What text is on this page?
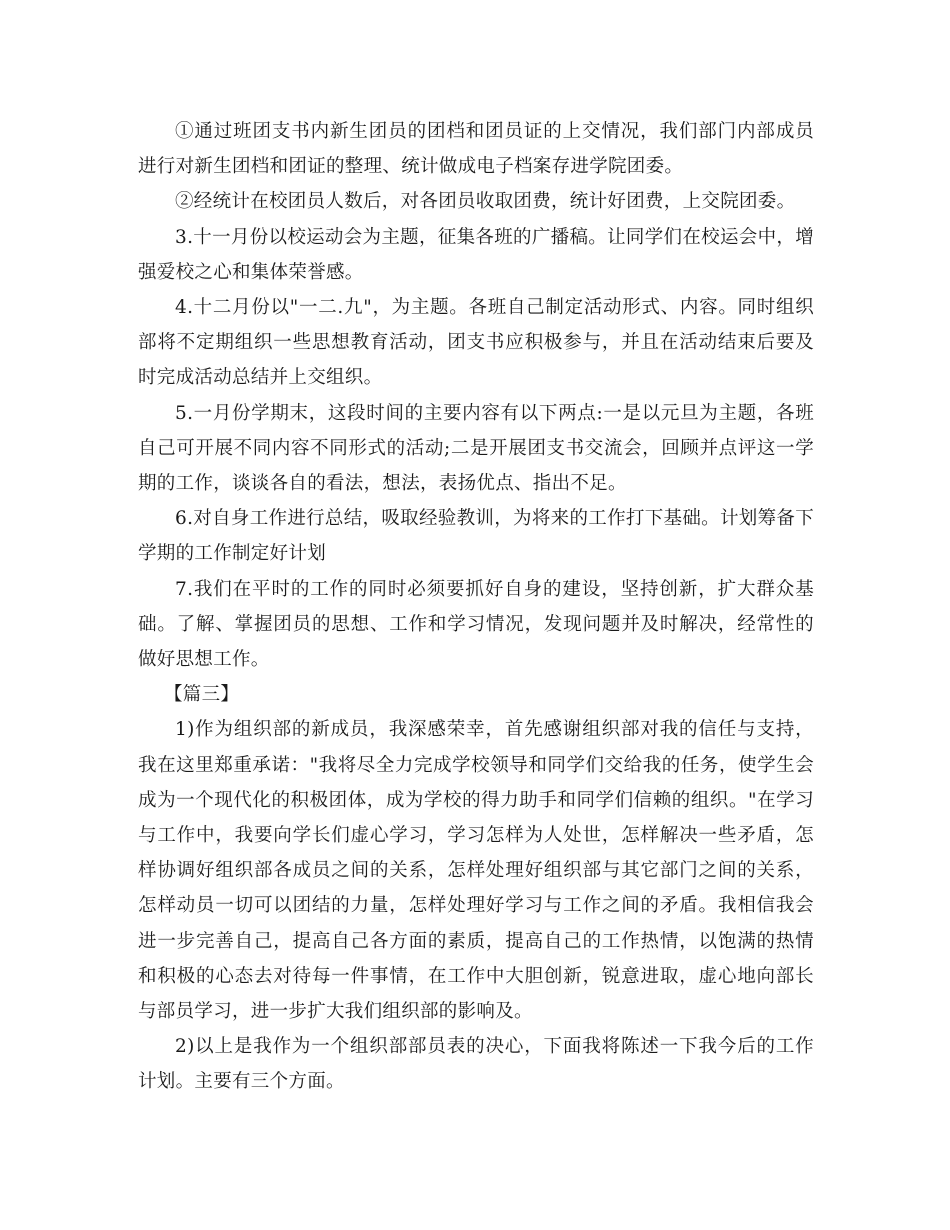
①通过班团支书内新生团员的团档和团员证的上交情况，我们部门内部成员进行对新生团档和团证的整理、统计做成电子档案存进学院团委。

②经统计在校团员人数后，对各团员收取团费，统计好团费，上交院团委。

3.十一月份以校运动会为主题，征集各班的广播稿。让同学们在校运会中，增强爱校之心和集体荣誉感。

4.十二月份以"一二.九"，为主题。各班自己制定活动形式、内容。同时组织部将不定期组织一些思想教育活动，团支书应积极参与，并且在活动结束后要及时完成活动总结并上交组织。

5.一月份学期末，这段时间的主要内容有以下两点:一是以元旦为主题，各班自己可开展不同内容不同形式的活动;二是开展团支书交流会，回顾并点评这一学期的工作，谈谈各自的看法，想法，表扬优点、指出不足。

6.对自身工作进行总结，吸取经验教训，为将来的工作打下基础。计划筹备下学期的工作制定好计划

7.我们在平时的工作的同时必须要抓好自身的建设，坚持创新，扩大群众基础。了解、掌握团员的思想、工作和学习情况，发现问题并及时解决，经常性的做好思想工作。

【篇三】

1)作为组织部的新成员，我深感荣幸，首先感谢组织部对我的信任与支持，我在这里郑重承诺："我将尽全力完成学校领导和同学们交给我的任务，使学生会成为一个现代化的积极团体，成为学校的得力助手和同学们信赖的组织。"在学习与工作中，我要向学长们虚心学习，学习怎样为人处世，怎样解决一些矛盾，怎样协调好组织部各成员之间的关系，怎样处理好组织部与其它部门之间的关系，怎样动员一切可以团结的力量，怎样处理好学习与工作之间的矛盾。我相信我会进一步完善自己，提高自己各方面的素质，提高自己的工作热情，以饱满的热情和积极的心态去对待每一件事情，在工作中大胆创新，锐意进取，虚心地向部长与部员学习，进一步扩大我们组织部的影响及。

2)以上是我作为一个组织部部员表的决心，下面我将陈述一下我今后的工作计划。主要有三个方面。
